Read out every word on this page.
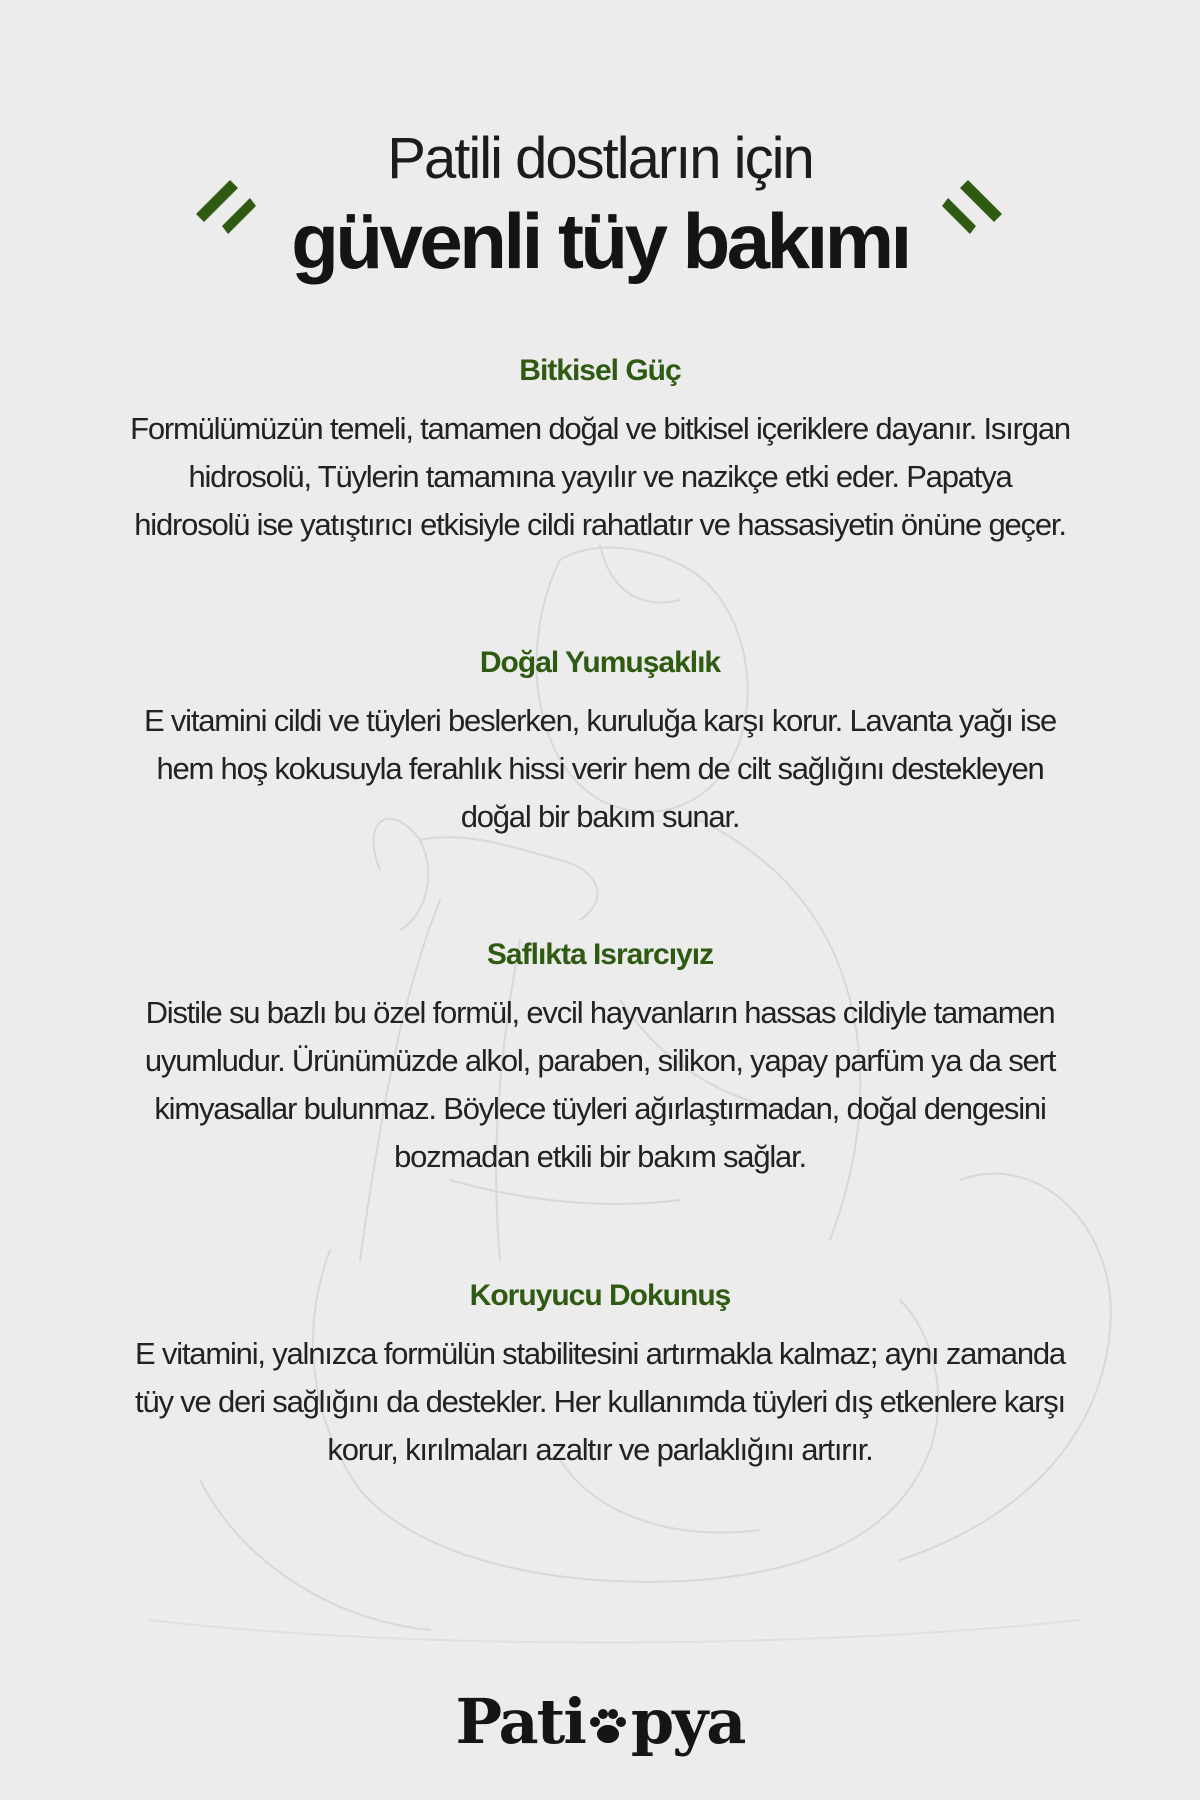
Patili dostların için
güvenli tüy bakımı
Bitkisel Güç

Formülümüzün temeli, tamamen doğal ve bitkisel içeriklere dayanır. Isırgan hidrosolü, Tüylerin tamamına yayılır ve nazikçe etki eder. Papatya hidrosolü ise yatıştırıcı etkisiyle cildi rahatlatır ve hassasiyetin önüne geçer.

Doğal Yumuşaklık

E vitamini cildi ve tüyleri beslerken, kuruluğa karşı korur. Lavanta yağı ise hem hoş kokusuyla ferahlık hissi verir hem de cilt sağlığını destekleyen doğal bir bakım sunar.

Saflıkta Israrcıyız

Distile su bazlı bu özel formül, evcil hayvanların hassas cildiyle tamamen uyumludur. Ürünümüzde alkol, paraben, silikon, yapay parfüm ya da sert kimyasallar bulunmaz. Böylece tüyleri ağırlaştırmadan, doğal dengesini bozmadan etkili bir bakım sağlar.

Koruyucu Dokunuş

E vitamini, yalnızca formülün stabilitesini artırmakla kalmaz; aynı zamanda tüy ve deri sağlığını da destekler. Her kullanımda tüyleri dış etkenlere karşı korur, kırılmaları azaltır ve parlaklığını artırır.

Pati pya
